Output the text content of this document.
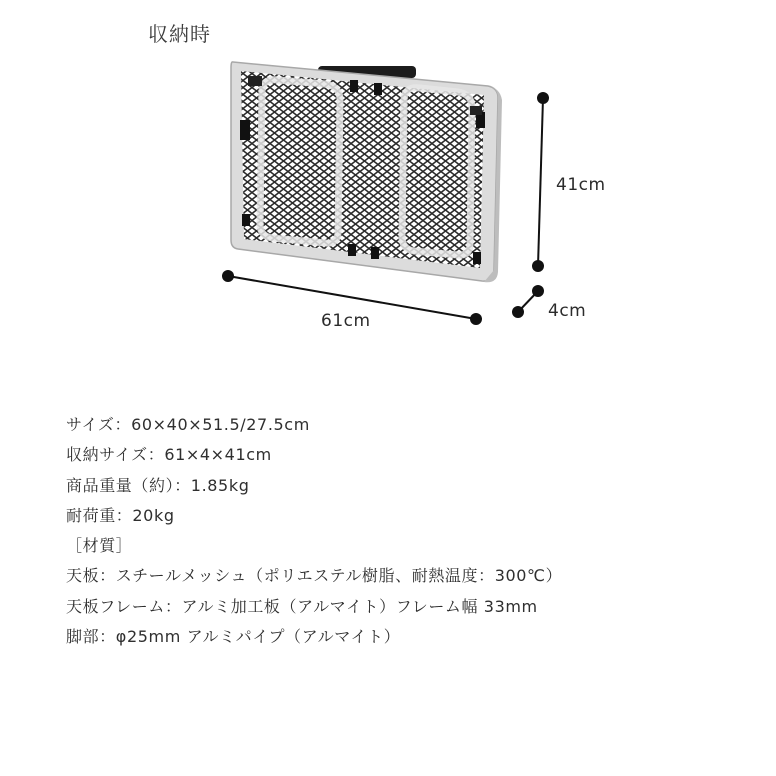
収納時
41cm
61cm	4cm
サイズ：60×40×51.5/27.5cm
収納サイズ：61×4×41cm
商品重量（約）：1.85kg
耐荷重：20kg
［材質］
天板：スチールメッシュ（ポリエステル樹脂、耐熱温度：300℃）
天板フレーム：アルミ加工板（アルマイト）フレーム幅 33mm
脚部：φ25mm アルミパイプ（アルマイト）
